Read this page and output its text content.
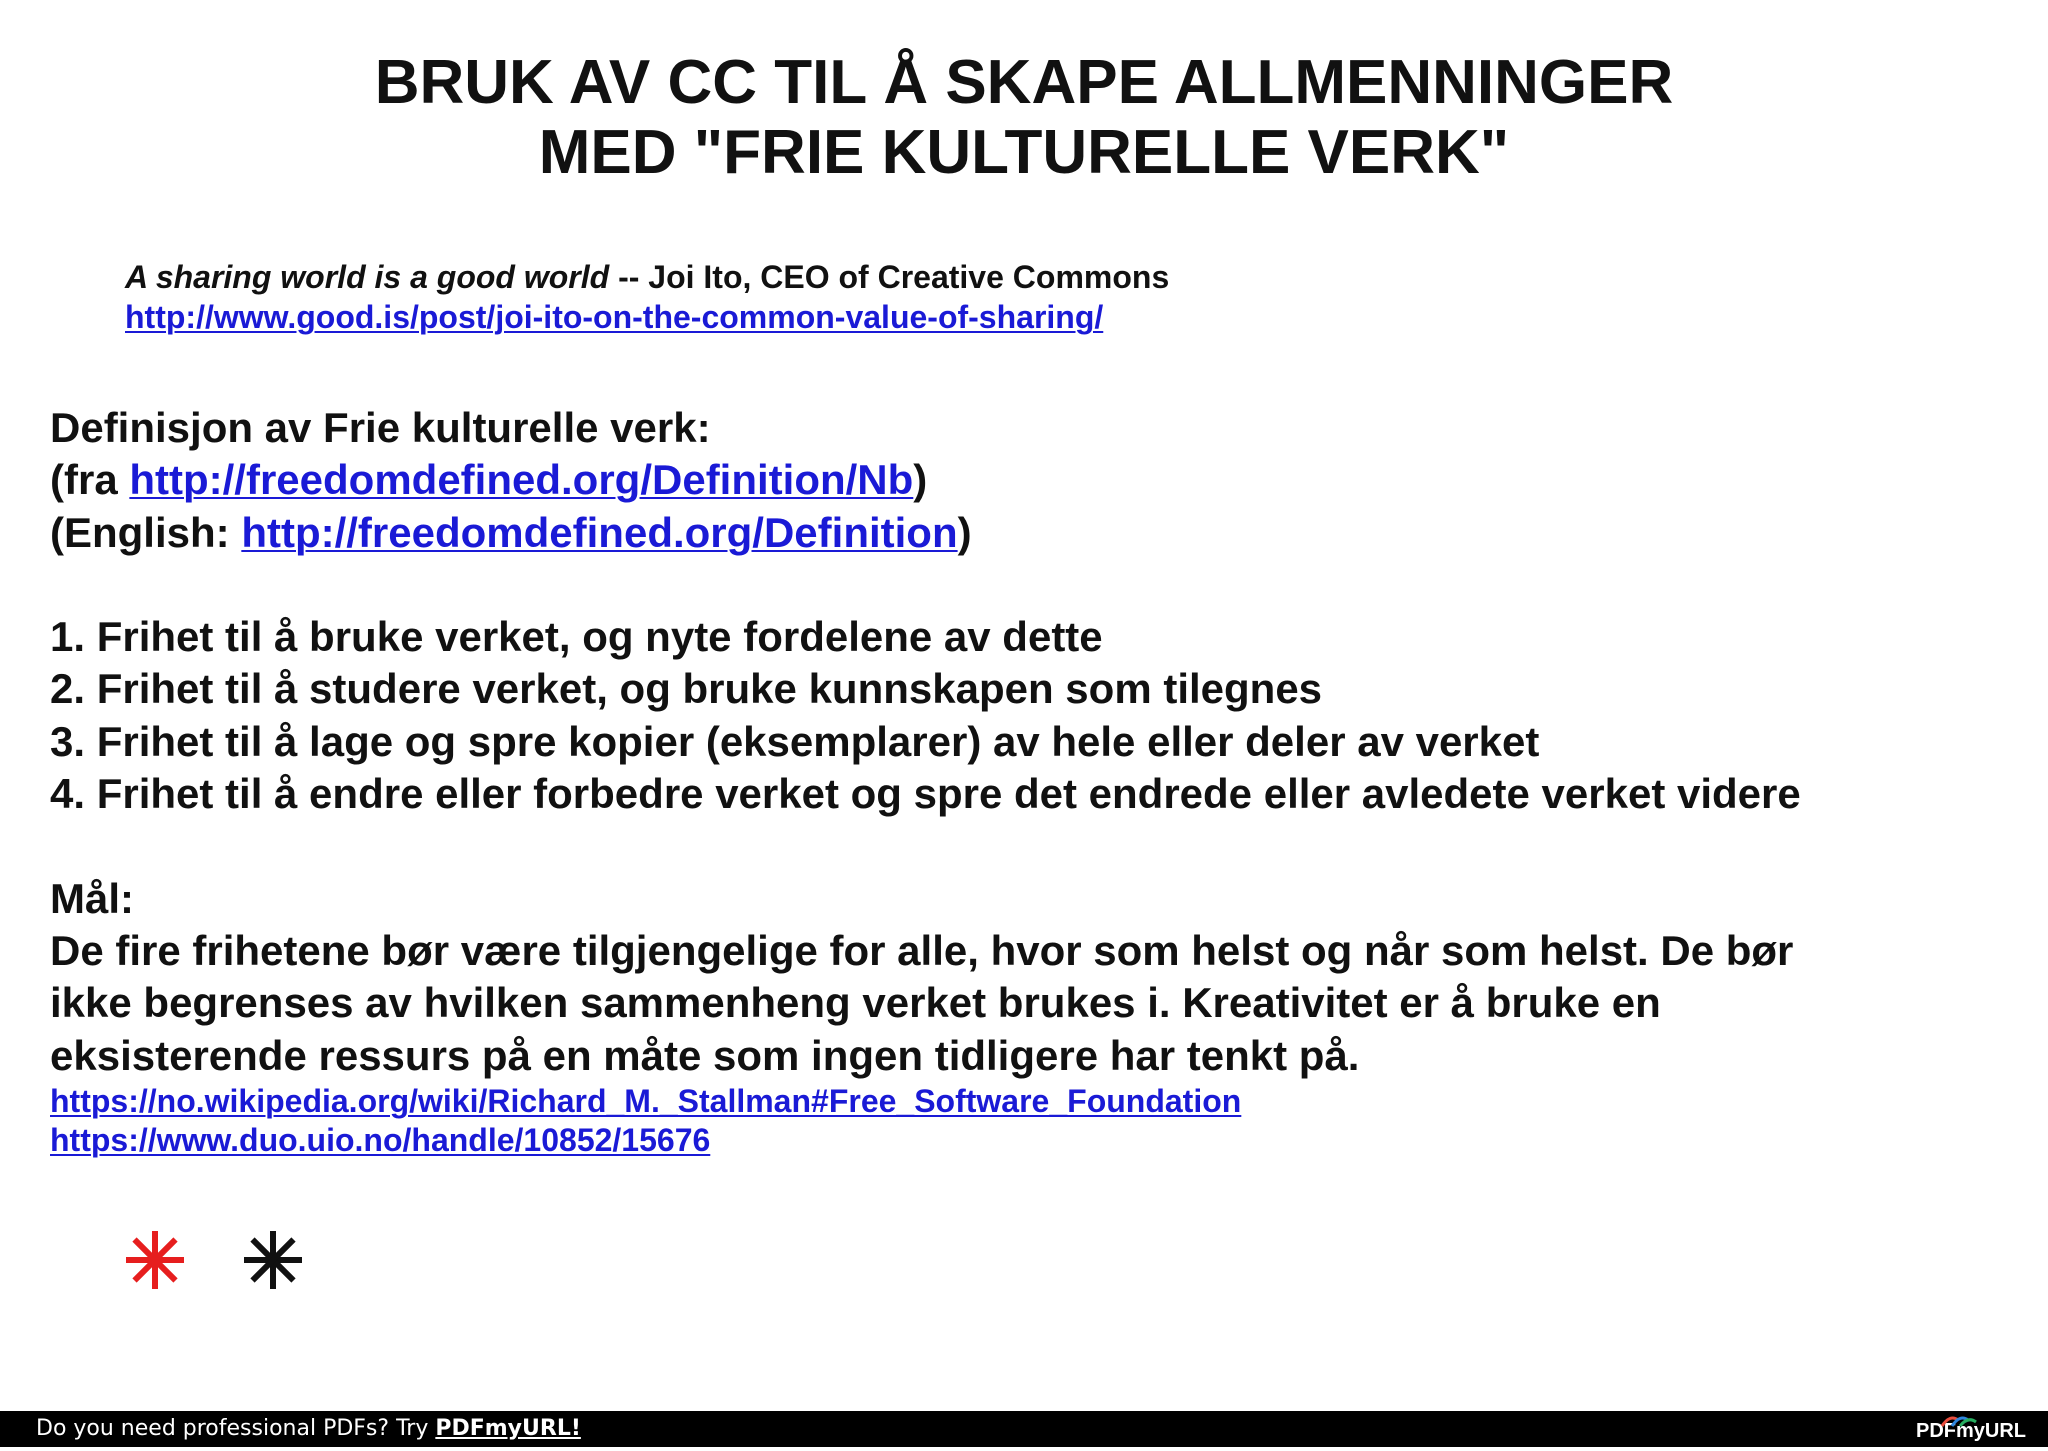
BRUK AV CC TIL Å SKAPE ALLMENNINGER
MED "FRIE KULTURELLE VERK"
A sharing world is a good world -- Joi Ito, CEO of Creative Commons
http://www.good.is/post/joi-ito-on-the-common-value-of-sharing/
Definisjon av Frie kulturelle verk:
(fra http://freedomdefined.org/Definition/Nb)
(English: http://freedomdefined.org/Definition)
1. Frihet til å bruke verket, og nyte fordelene av dette
2. Frihet til å studere verket, og bruke kunnskapen som tilegnes
3. Frihet til å lage og spre kopier (eksemplarer) av hele eller deler av verket
4. Frihet til å endre eller forbedre verket og spre det endrede eller avledete verket videre
Mål:
De fire frihetene bør være tilgjengelige for alle, hvor som helst og når som helst. De bør
ikke begrenses av hvilken sammenheng verket brukes i. Kreativitet er å bruke en
eksisterende ressurs på en måte som ingen tidligere har tenkt på.
https://no.wikipedia.org/wiki/Richard_M._Stallman#Free_Software_Foundation
https://www.duo.uio.no/handle/10852/15676
Do you need professional PDFs? Try PDFmyURL!	PDFmyURL
